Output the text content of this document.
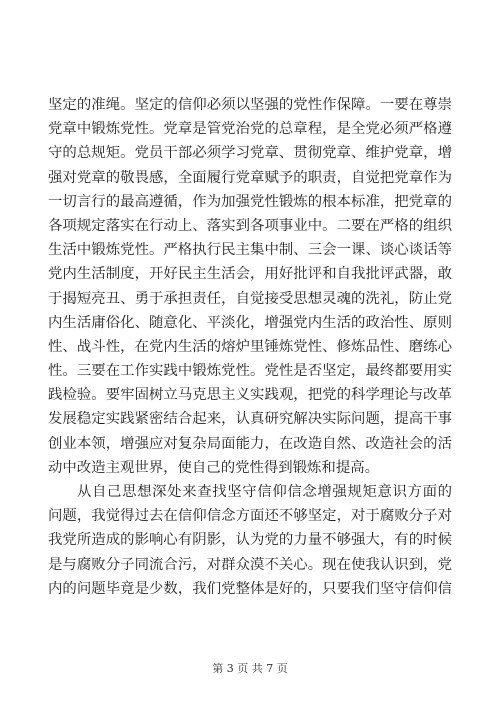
坚定的准绳。坚定的信仰必须以坚强的党性作保障。一要在尊崇
党章中锻炼党性。党章是管党治党的总章程，是全党必须严格遵
守的总规矩。党员干部必须学习党章、贯彻党章、维护党章，增
强对党章的敬畏感，全面履行党章赋予的职责，自觉把党章作为
一切言行的最高遵循，作为加强党性锻炼的根本标准，把党章的
各项规定落实在行动上、落实到各项事业中。二要在严格的组织
生活中锻炼党性。严格执行民主集中制、三会一课、谈心谈话等
党内生活制度，开好民主生活会，用好批评和自我批评武器，敢
于揭短亮丑、勇于承担责任，自觉接受思想灵魂的洗礼，防止党
内生活庸俗化、随意化、平淡化，增强党内生活的政治性、原则
性、战斗性，在党内生活的熔炉里锤炼党性、修炼品性、磨练心
性。三要在工作实践中锻炼党性。党性是否坚定，最终都要用实
践检验。要牢固树立马克思主义实践观，把党的科学理论与改革
发展稳定实践紧密结合起来，认真研究解决实际问题，提高干事
创业本领，增强应对复杂局面能力，在改造自然、改造社会的活
动中改造主观世界，使自己的党性得到锻炼和提高。
从自己思想深处来查找坚守信仰信念增强规矩意识方面的
问题，我觉得过去在信仰信念方面还不够坚定，对于腐败分子对
我党所造成的影响心有阴影，认为党的力量不够强大，有的时候
是与腐败分子同流合污，对群众漠不关心。现在使我认识到，党
内的问题毕竟是少数，我们党整体是好的，只要我们坚守信仰信
第 3 页 共 7 页
